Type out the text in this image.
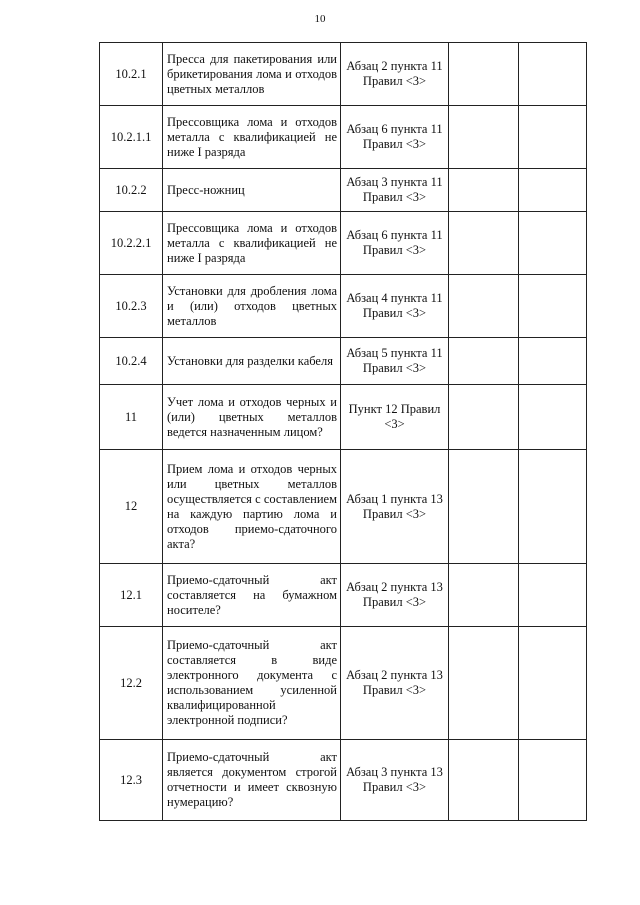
10
10.2.1	Пресса для пакетирования или брикетирования лома и отходов цветных металлов	Абзац 2 пункта 11 Правил <3>		
10.2.1.1	Прессовщика лома и отходов металла с квалификацией не ниже I разряда	Абзац 6 пункта 11 Правил <3>		
10.2.2	Пресс-ножниц	Абзац 3 пункта 11 Правил <3>		
10.2.2.1	Прессовщика лома и отходов металла с квалификацией не ниже I разряда	Абзац 6 пункта 11 Правил <3>		
10.2.3	Установки для дробления лома и (или) отходов цветных металлов	Абзац 4 пункта 11 Правил <3>		
10.2.4	Установки для разделки кабеля	Абзац 5 пункта 11 Правил <3>		
11	Учет лома и отходов черных и (или) цветных металлов ведется назначенным лицом?	Пункт 12 Правил <3>		
12	Прием лома и отходов черных или цветных металлов осуществляется с составлением на каждую партию лома и отходов приемо-сдаточного акта?	Абзац 1 пункта 13 Правил <3>		
12.1	Приемо-сдаточный акт составляется на бумажном носителе?	Абзац 2 пункта 13 Правил <3>		
12.2	Приемо-сдаточный акт составляется в виде электронного документа с использованием усиленной квалифицированной электронной подписи?	Абзац 2 пункта 13 Правил <3>		
12.3	Приемо-сдаточный акт является документом строгой отчетности и имеет сквозную нумерацию?	Абзац 3 пункта 13 Правил <3>		
